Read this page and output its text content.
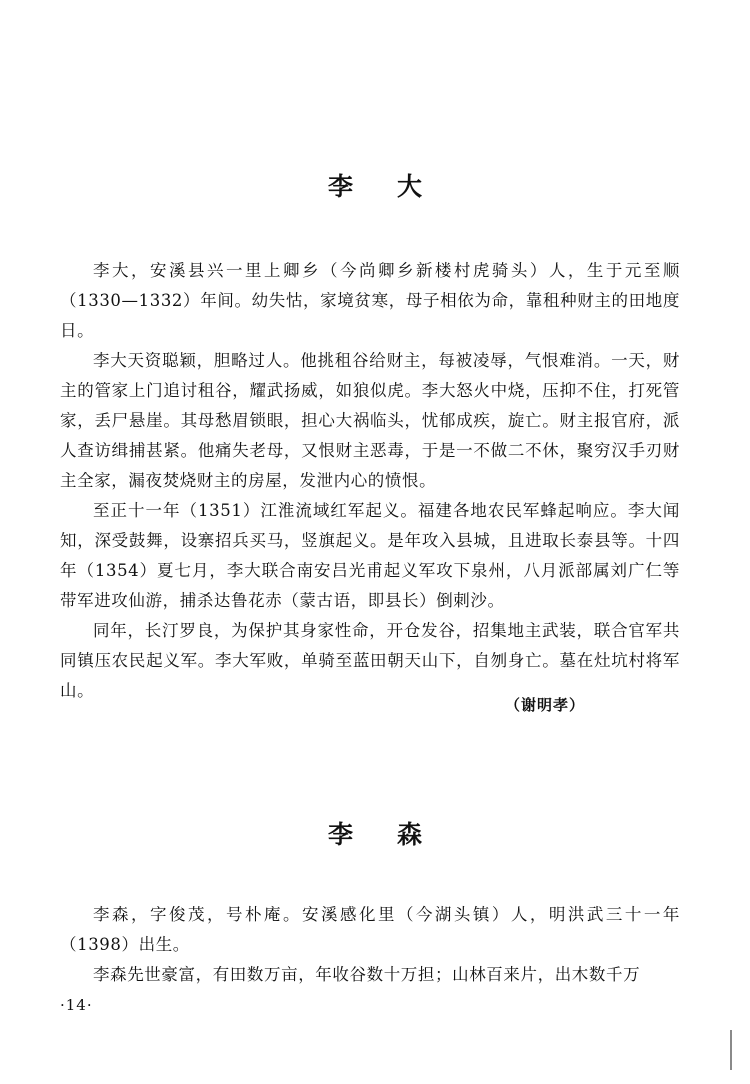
李大

李大，安溪县兴一里上卿乡（今尚卿乡新楼村虎骑头）人，生于元至顺（1330—1332）年间。幼失怙，家境贫寒，母子相依为命，靠租种财主的田地度日。

李大天资聪颖，胆略过人。他挑租谷给财主，每被凌辱，气恨难消。一天，财主的管家上门追讨租谷，耀武扬威，如狼似虎。李大怒火中烧，压抑不住，打死管家，丢尸悬崖。其母愁眉锁眼，担心大祸临头，忧郁成疾，旋亡。财主报官府，派人查访缉捕甚紧。他痛失老母，又恨财主恶毒，于是一不做二不休，聚穷汉手刃财主全家，漏夜焚烧财主的房屋，发泄内心的愤恨。

至正十一年（1351）江淮流域红军起义。福建各地农民军蜂起响应。李大闻知，深受鼓舞，设寨招兵买马，竖旗起义。是年攻入县城，且进取长泰县等。十四年（1354）夏七月，李大联合南安吕光甫起义军攻下泉州，八月派部属刘广仁等带军进攻仙游，捕杀达鲁花赤（蒙古语，即县长）倒刺沙。

同年，长汀罗良，为保护其身家性命，开仓发谷，招集地主武装，联合官军共同镇压农民起义军。李大军败，单骑至蓝田朝天山下，自刎身亡。墓在灶坑村将军山。

（谢明孝）
李森

李森，字俊茂，号朴庵。安溪感化里（今湖头镇）人，明洪武三十一年（1398）出生。

李森先世豪富，有田数万亩，年收谷数十万担；山林百来片，出木数千万

·14·
